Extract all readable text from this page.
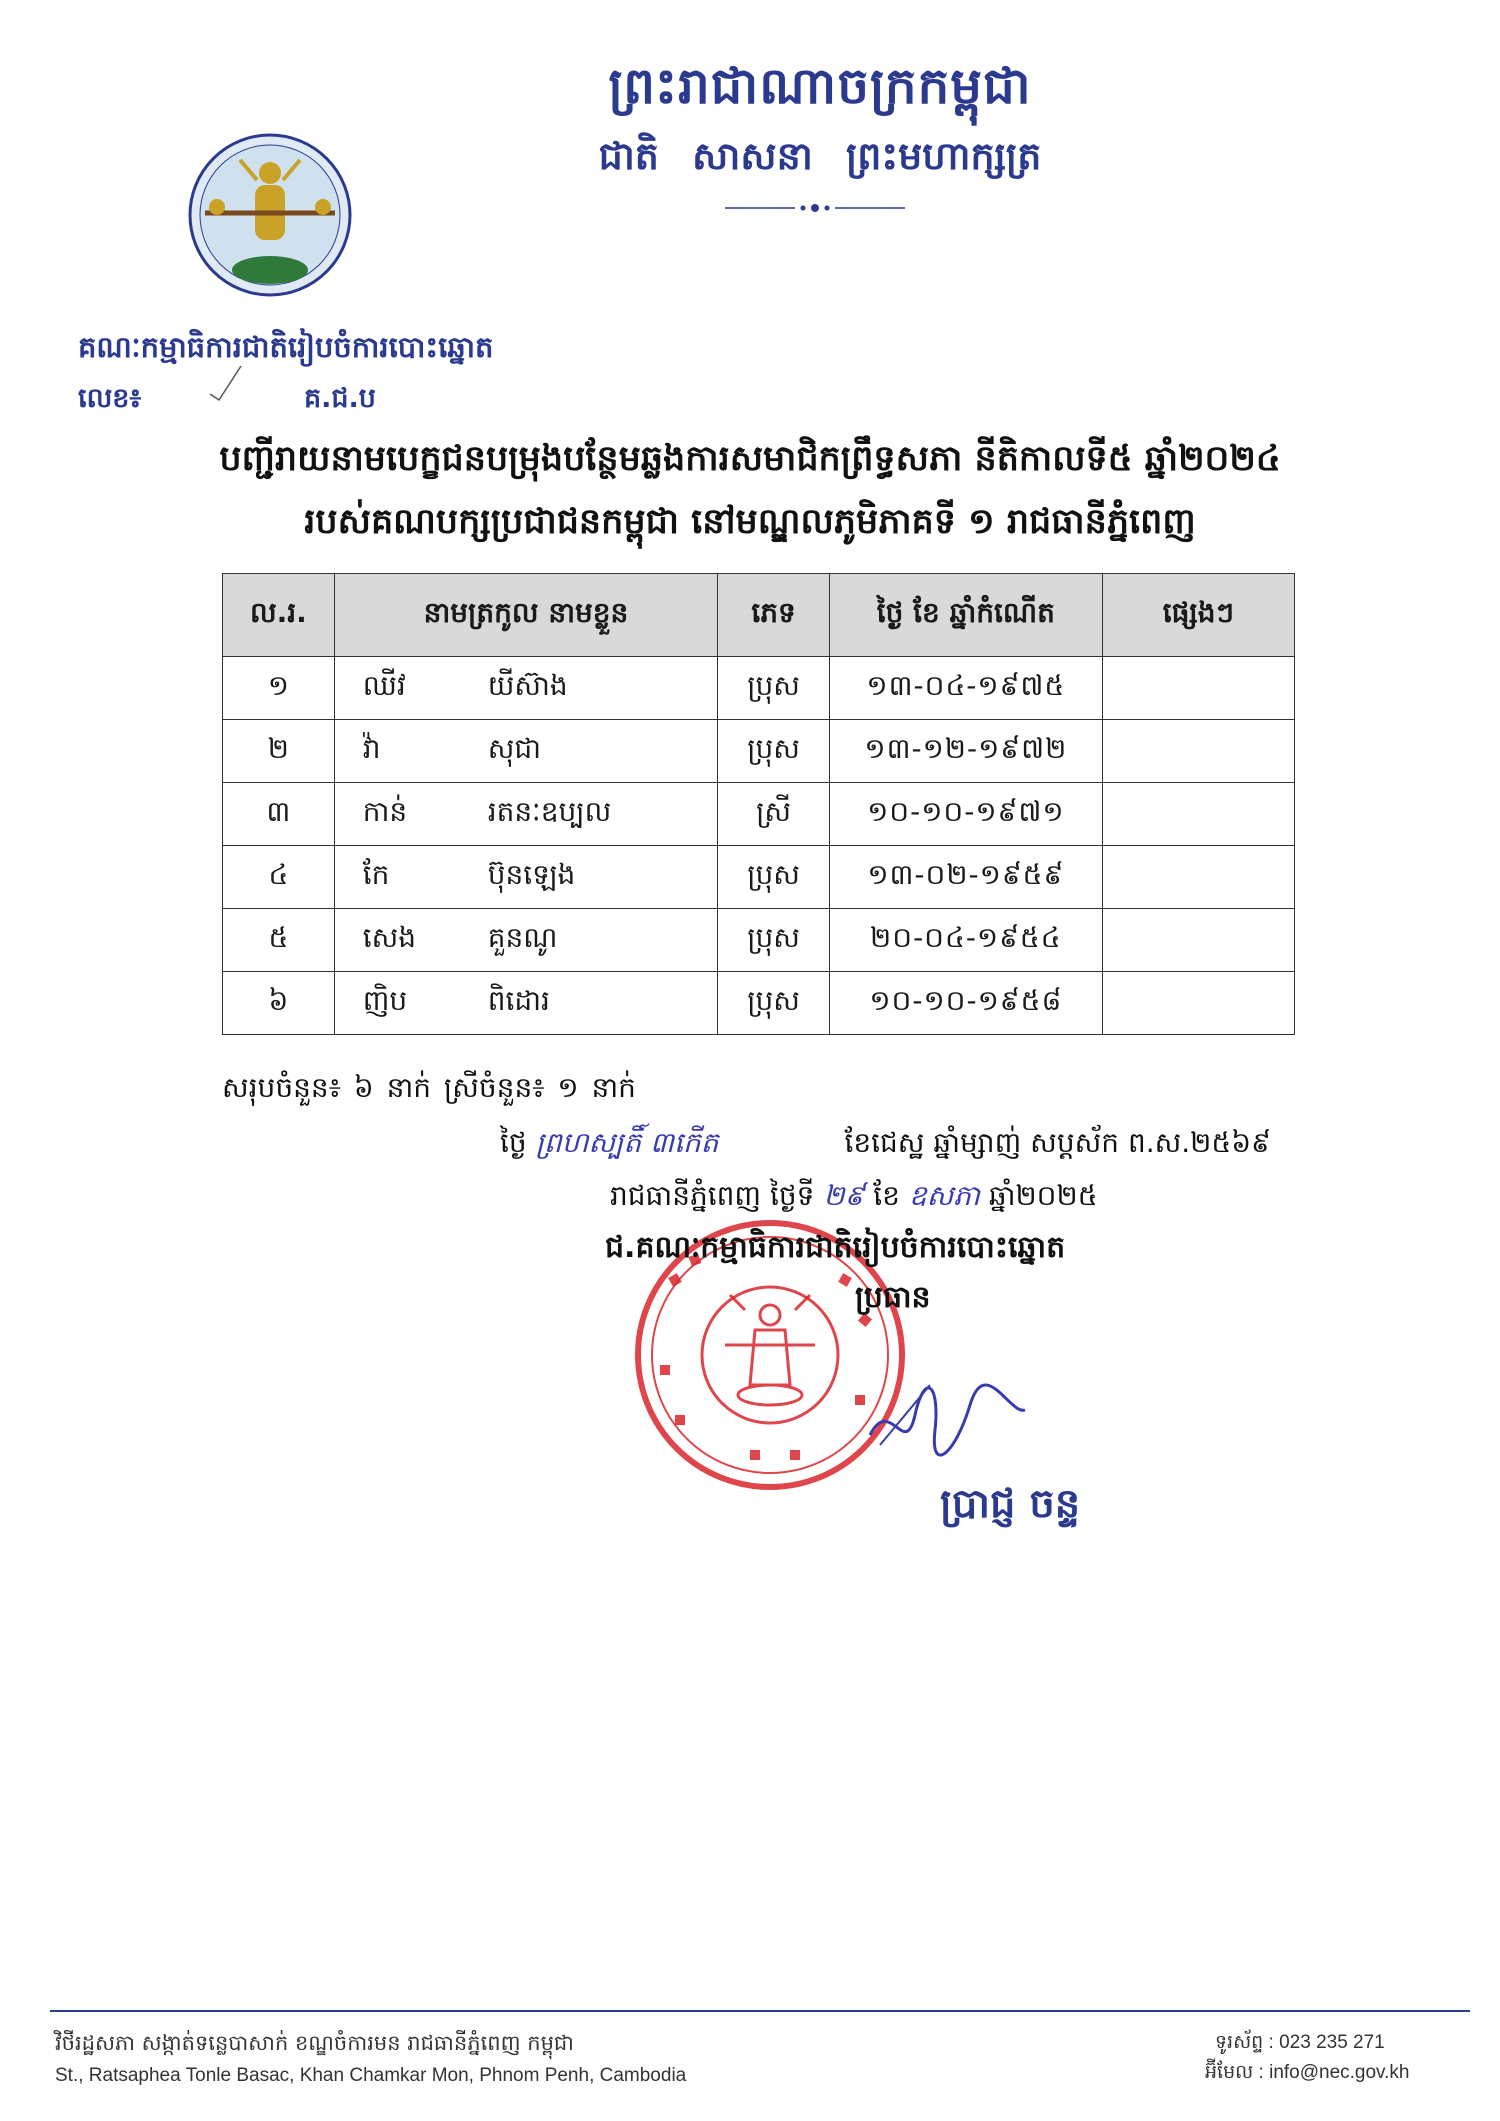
ព្រះរាជាណាចក្រកម្ពុជា
ជាតិ សាសនា ព្រះមហាក្សត្រ
គណៈកម្មាធិការជាតិរៀបចំការបោះឆ្នោត
លេខ៖	គ.ជ.ប
បញ្ជីរាយនាមបេក្ខជនបម្រុងបន្ថែមឆ្លងការសមាជិកព្រឹទ្ធសភា នីតិកាលទី៥ ឆ្នាំ២០២៤
របស់គណបក្សប្រជាជនកម្ពុជា នៅមណ្ឌលភូមិភាគទី ១ រាជធានីភ្នំពេញ
ល.រ.	នាមត្រកូល នាមខ្លួន	ភេទ	ថ្ងៃ ខែ ឆ្នាំកំណើត	ផ្សេងៗ
១	ឈីវ យីស៊ាង	ប្រុស	១៣-០៤-១៩៧៥	
២	វ៉ា សុជា	ប្រុស	១៣-១២-១៩៧២	
៣	កាន់ រតនៈឧប្បល	ស្រី	១០-១០-១៩៧១	
៤	កែ ប៊ុនឡេង	ប្រុស	១៣-០២-១៩៥៩	
៥	សេង គួនណូ	ប្រុស	២០-០៤-១៩៥៤	
៦	ញិប ពិដោរ	ប្រុស	១០-១០-១៩៥៨	
សរុបចំនួន៖ ៦ នាក់ ស្រីចំនួន៖ ១ នាក់
ថ្ងៃ ព្រហស្បតិ៍ ៣កើត	ខែជេស្ឋ ឆ្នាំម្សាញ់ សប្តស័ក ព.ស.២៥៦៩
រាជធានីភ្នំពេញ ថ្ងៃទី ២៩ ខែ ឧសភា ឆ្នាំ២០២៥
ជ.គណៈកម្មាធិការជាតិរៀបចំការបោះឆ្នោត
ប្រធាន
ប្រាជ្ញ ចន្ទ
វិថីរដ្ឋសភា សង្កាត់ទន្លេបាសាក់ ខណ្ឌចំការមន រាជធានីភ្នំពេញ កម្ពុជា
St., Ratsaphea Tonle Basac, Khan Chamkar Mon, Phnom Penh, Cambodia
ទូរស័ព្ទ : 023 235 271
អ៊ីមែល : info@nec.gov.kh
